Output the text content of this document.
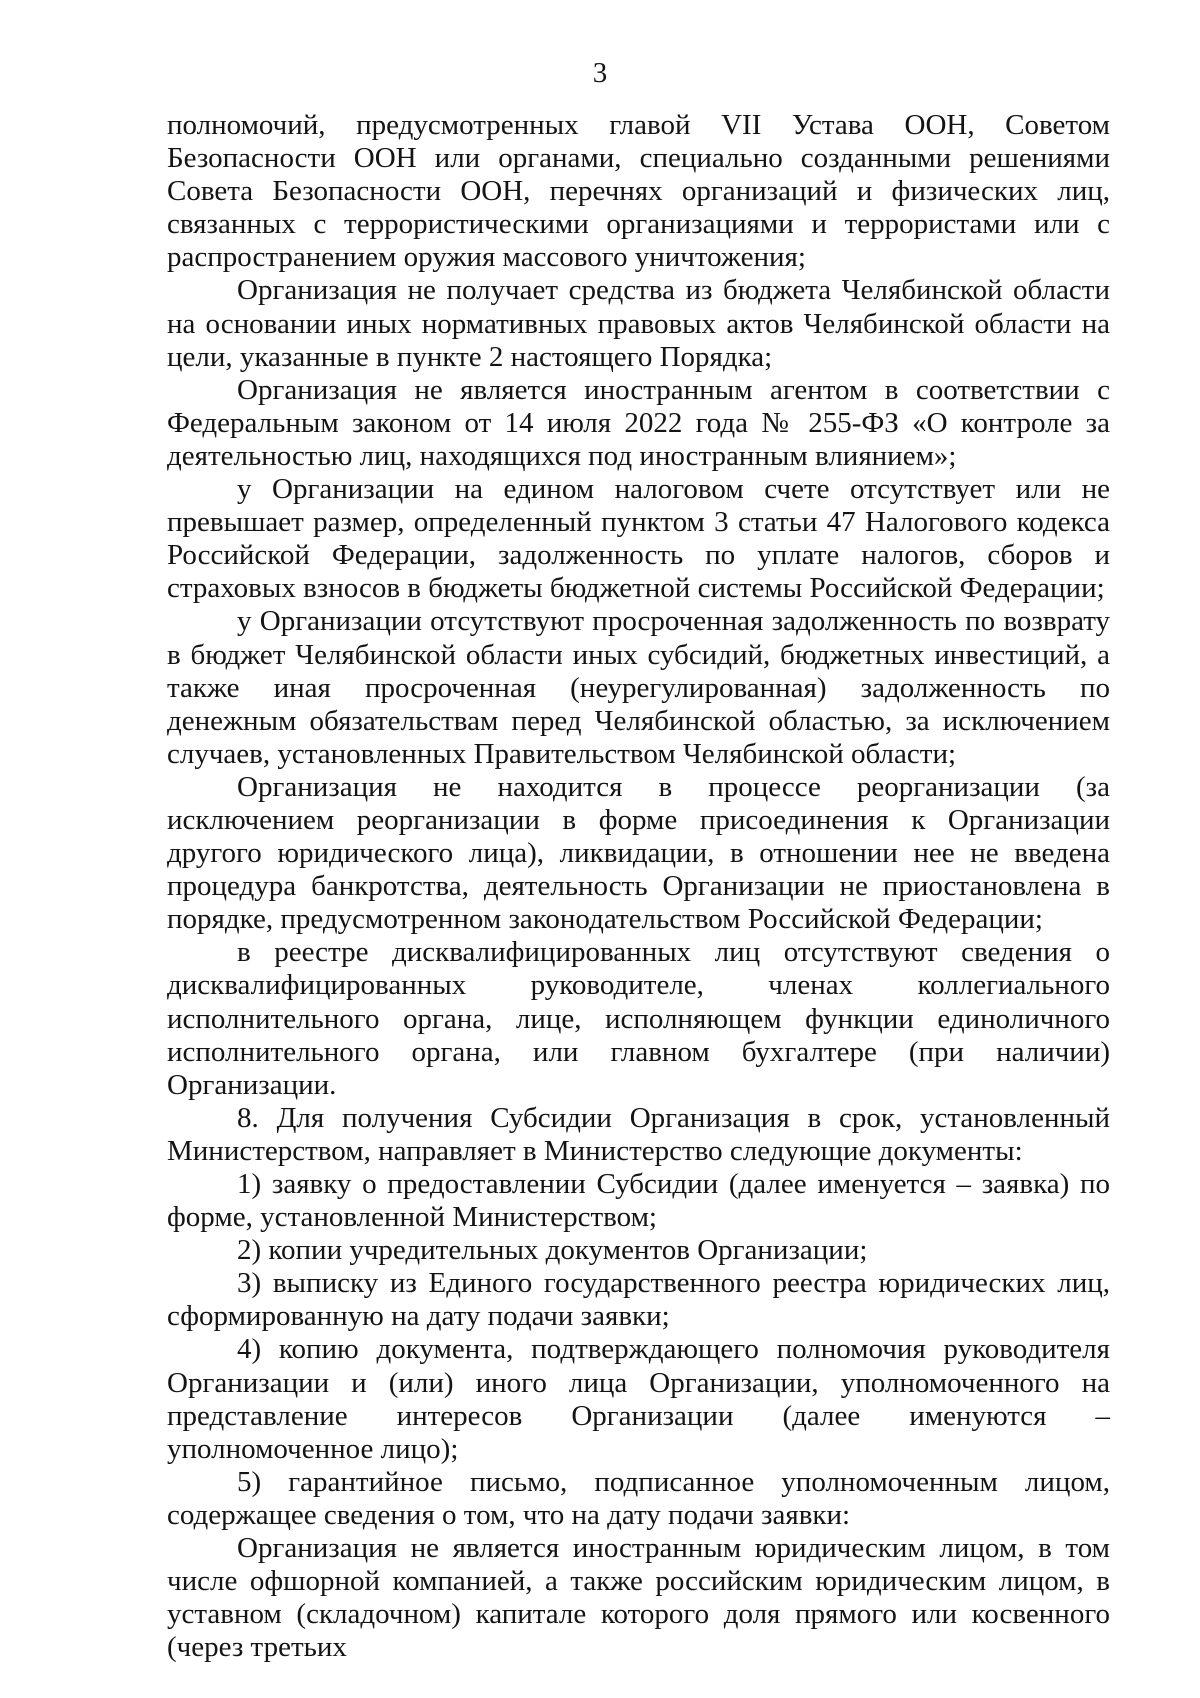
3

полномочий, предусмотренных главой VII Устава ООН, Советом Безопасности ООН или органами, специально созданными решениями Совета Безопасности ООН, перечнях организаций и физических лиц, связанных с террористическими организациями и террористами или с распространением оружия массового уничтожения;

Организация не получает средства из бюджета Челябинской области на основании иных нормативных правовых актов Челябинской области на цели, указанные в пункте 2 настоящего Порядка;

Организация не является иностранным агентом в соответствии с Федеральным законом от 14 июля 2022 года № 255-ФЗ «О контроле за деятельностью лиц, находящихся под иностранным влиянием»;

у Организации на едином налоговом счете отсутствует или не превышает размер, определенный пунктом 3 статьи 47 Налогового кодекса Российской Федерации, задолженность по уплате налогов, сборов и страховых взносов в бюджеты бюджетной системы Российской Федерации;

у Организации отсутствуют просроченная задолженность по возврату в бюджет Челябинской области иных субсидий, бюджетных инвестиций, а также иная просроченная (неурегулированная) задолженность по денежным обязательствам перед Челябинской областью, за исключением случаев, установленных Правительством Челябинской области;

Организация не находится в процессе реорганизации (за исключением реорганизации в форме присоединения к Организации другого юридического лица), ликвидации, в отношении нее не введена процедура банкротства, деятельность Организации не приостановлена в порядке, предусмотренном законодательством Российской Федерации;

в реестре дисквалифицированных лиц отсутствуют сведения о дисквалифицированных руководителе, членах коллегиального исполнительного органа, лице, исполняющем функции единоличного исполнительного органа, или главном бухгалтере (при наличии) Организации.

8. Для получения Субсидии Организация в срок, установленный Министерством, направляет в Министерство следующие документы:

1) заявку о предоставлении Субсидии (далее именуется – заявка) по форме, установленной Министерством;

2) копии учредительных документов Организации;

3) выписку из Единого государственного реестра юридических лиц, сформированную на дату подачи заявки;

4) копию документа, подтверждающего полномочия руководителя Организации и (или) иного лица Организации, уполномоченного на представление интересов Организации (далее именуются – уполномоченное лицо);

5) гарантийное письмо, подписанное уполномоченным лицом, содержащее сведения о том, что на дату подачи заявки:

Организация не является иностранным юридическим лицом, в том числе офшорной компанией, а также российским юридическим лицом, в уставном (складочном) капитале которого доля прямого или косвенного (через третьих
